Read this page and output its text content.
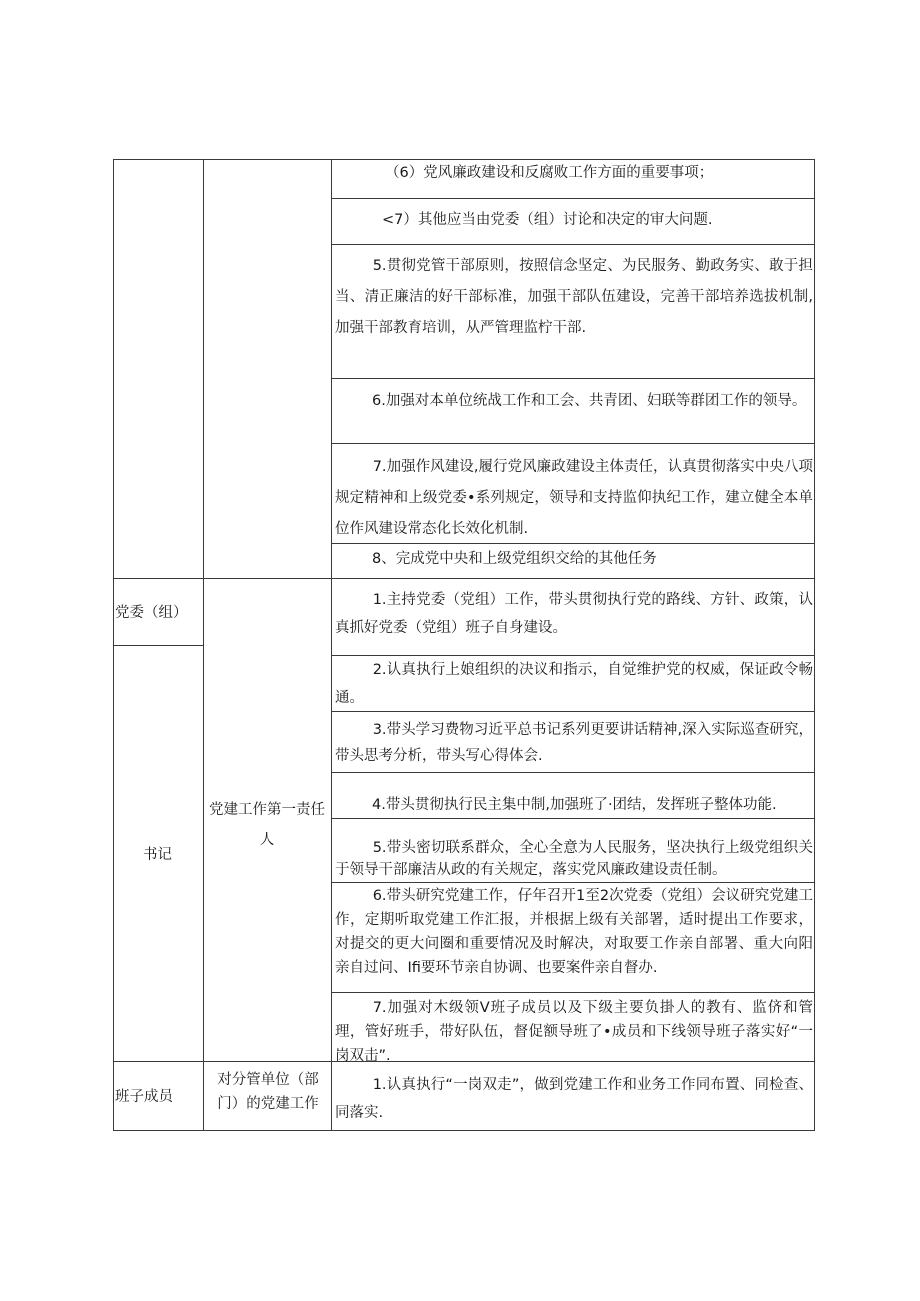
（6）党风廉政建设和反腐败工作方面的重要事项；
<7）其他应当由党委（组）讨论和决定的审大问题.

5.贯彻党管干部原则，按照信念坚定、为民服务、勤政务实、敢于担当、清正廉洁的好干部标准，加强干部队伍建设，完善干部培养选拔机制,加强干部教育培训，从严管理监柠干部.

6.加强对本单位统战工作和工会、共青团、妇联等群团工作的领导。

7.加强作风建设,履行党风廉政建设主体责任，认真贯彻落实中央八项规定精神和上级党委•系列规定，领导和支持监仰执纪工作，建立健全本单位作风建设常态化长效化机制.

8、完成党中央和上级党组织交给的其他任务
党委（组）
书记
班子成员
党建工作第一责任人
对分管单位（部门）的党建工作

1.主持党委（党组）工作，带头贯彻执行党的路线、方针、政策，认真抓好党委（党组）班子自身建设。

2.认真执行上娘组织的决议和指示，自觉维护党的权威，保证政令畅通。

3.带头学习费物习近平总书记系列更要讲话精神,深入实际巡查研究，带头思考分析，带头写心得体会.

4.带头贯彻执行民主集中制,加强班了·团结，发挥班子整体功能.

5.带头密切联系群众，全心全意为人民服务，坚决执行上级党组织关于领导干部廉洁从政的有关规定，落实党风廉政建设责任制。

6.带头研究党建工作，仔年召开1至2次党委（党组）会议研究党建工作，定期听取党建工作汇报，并根据上级有关部署，适时提出工作要求，对提交的更大问圈和重要情况及时解决，对取要工作亲自部署、重大向阳亲自过问、Ifi要环节亲自协调、也要案件亲自督办.

7.加强对木级领V班子成员以及下级主要负掛人的教有、监侪和管理，管好班手，带好队伍，督促额导班了•成员和下线领导班子落实好“一岗双击”.

1.认真执行“一岗双走”，做到党建工作和业务工作同布置、同检查、同落实.
